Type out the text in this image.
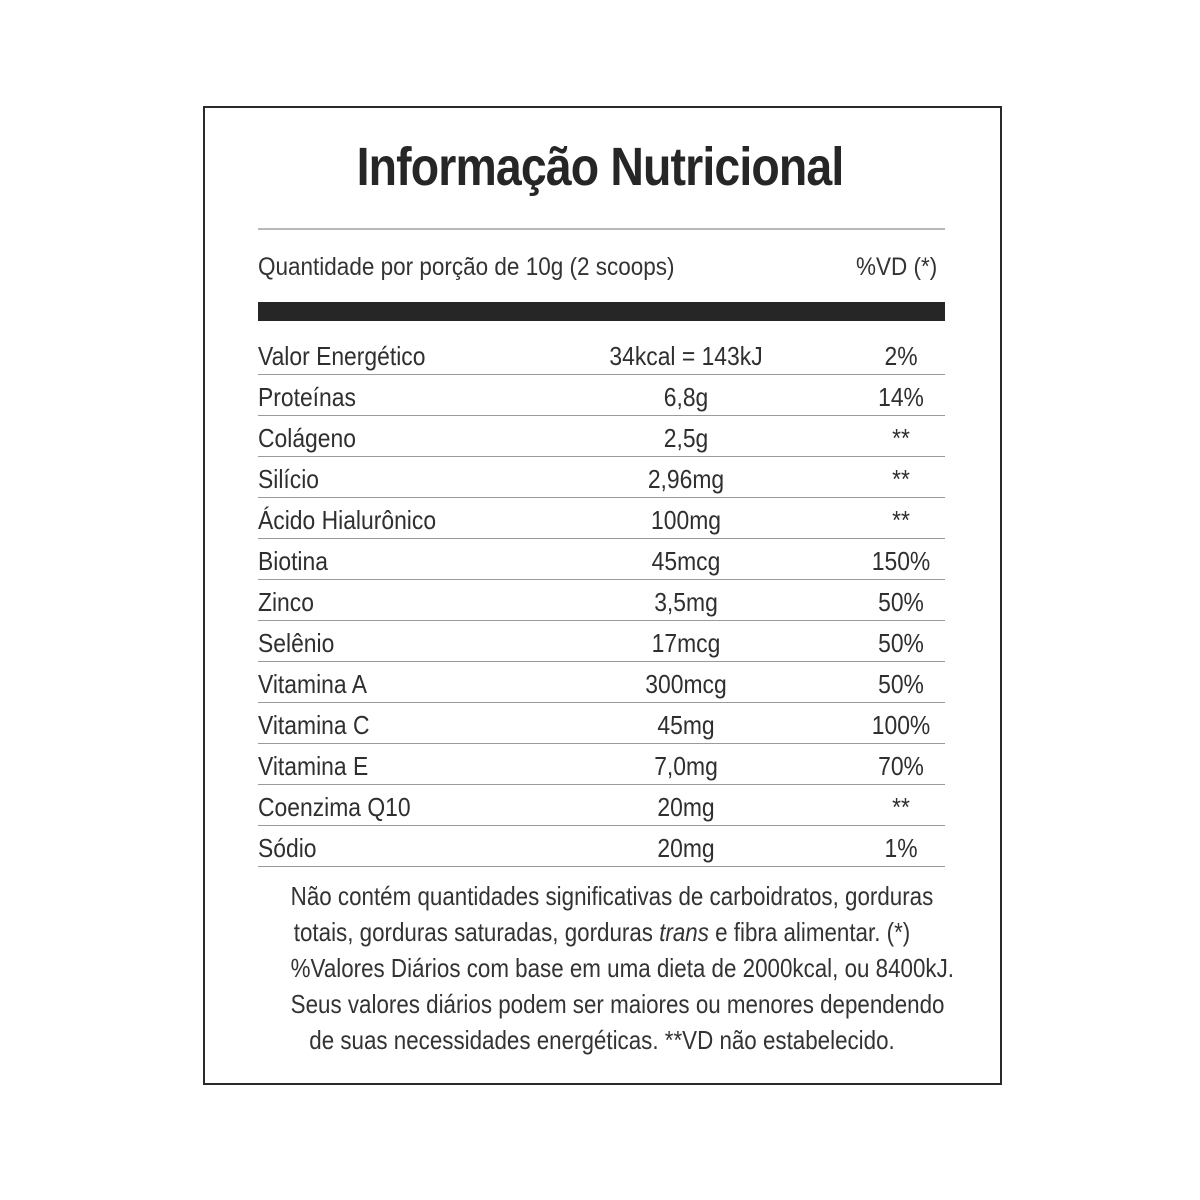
Informação Nutricional
Quantidade por porção de 10g (2 scoops)	%VD (*)
Valor Energético	34kcal = 143kJ	2%
Proteínas	6,8g	14%
Colágeno	2,5g	**
Silício	2,96mg	**
Ácido Hialurônico	100mg	**
Biotina	45mcg	150%
Zinco	3,5mg	50%
Selênio	17mcg	50%
Vitamina A	300mcg	50%
Vitamina C	45mg	100%
Vitamina E	7,0mg	70%
Coenzima Q10	20mg	**
Sódio	20mg	1%
Não contém quantidades significativas de carboidratos, gorduras
totais, gorduras saturadas, gorduras trans e fibra alimentar. (*)
%Valores Diários com base em uma dieta de 2000kcal, ou 8400kJ.
Seus valores diários podem ser maiores ou menores dependendo
de suas necessidades energéticas. **VD não estabelecido.
